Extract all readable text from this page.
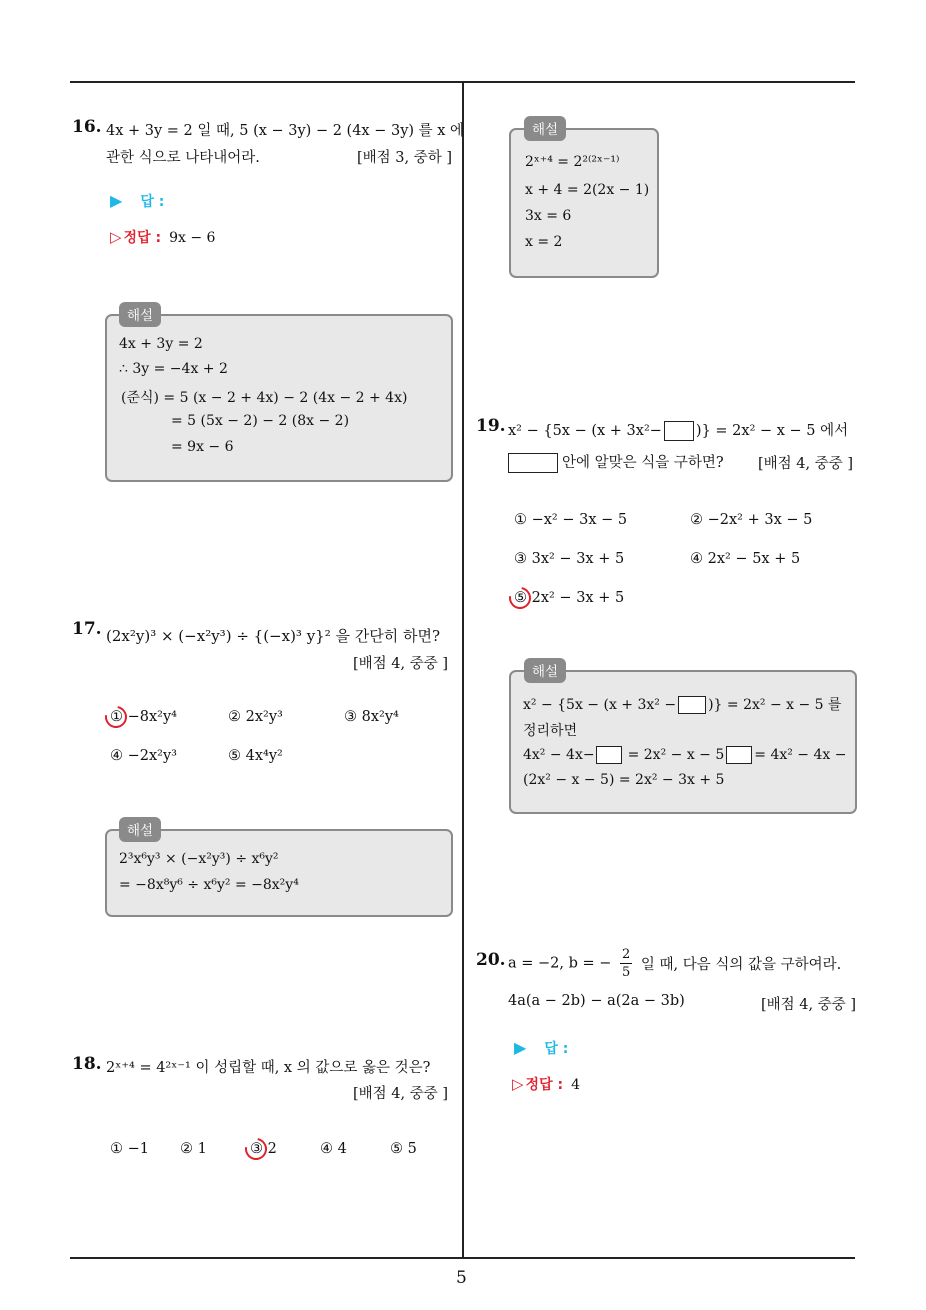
5
16. 4x + 3y = 2 일 때, 5 (x − 3y) − 2 (4x − 3y) 를 x 에
관한 식으로 나타내어라.	[배점 3, 중하 ]
▶ 답 :
▷ 정답 : 9x − 6
4x + 3y = 2
∴ 3y = −4x + 2
(준식) = 5 (x − 2 + 4x) − 2 (4x − 2 + 4x)
= 5 (5x − 2) − 2 (8x − 2)
= 9x − 6
해설
17. (2x²y)³ × (−x²y³) ÷ {(−x)³ y}² 을 간단히 하면?
[배점 4, 중중 ]
① −8x²y⁴	② 2x²y³	③ 8x²y⁴
④ −2x²y³	⑤ 4x⁴y²
2³x⁶y³ × (−x²y³) ÷ x⁶y²
= −8x⁸y⁶ ÷ x⁶y² = −8x²y⁴
해설
18. 2ˣ⁺⁴ = 4²ˣ⁻¹ 이 성립할 때, x 의 값으로 옳은 것은?
[배점 4, 중중 ]
① −1 ② 1	③ 2	④ 4	⑤ 5
2ˣ⁺⁴ = 2²⁽²ˣ⁻¹⁾
x + 4 = 2(2x − 1)
3x = 6
x = 2
해설
19. x² − {5x − (x + 3x²− )} = 2x² − x − 5 에서
안에 알맞은 식을 구하면? [배점 4, 중중 ]
① −x² − 3x − 5	② −2x² + 3x − 5
③ 3x² − 3x + 5	④ 2x² − 5x + 5
⑤ 2x² − 3x + 5
x² − {5x − (x + 3x² − )} = 2x² − x − 5 를
정리하면
4x² − 4x− = 2x² − x − 5 = 4x² − 4x −
(2x² − x − 5) = 2x² − 3x + 5
해설
20. a = −2, b = − $\frac{2}{5}$ 일 때, 다음 식의 값을 구하여라.
4a(a − 2b) − a(2a − 3b)	[배점 4, 중중 ]
▶ 답 :
▷ 정답 : 4
